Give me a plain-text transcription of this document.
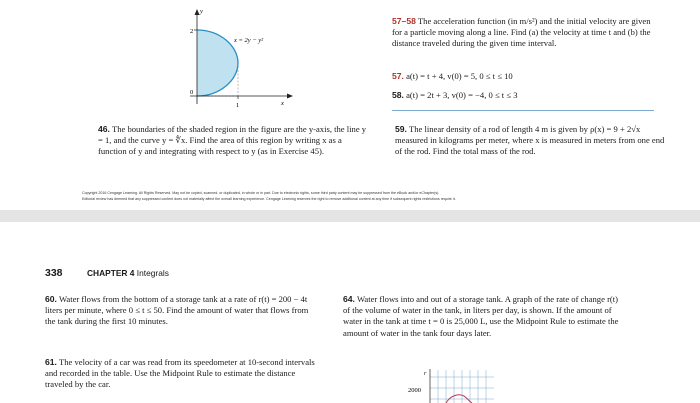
y
x
2
1
0
x = 2y − y²
57–58 The acceleration function (in m/s²) and the initial velocity are given for a particle moving along a line. Find (a) the velocity at time t and (b) the distance traveled during the given time interval.
57. a(t) = t + 4, v(0) = 5, 0 ≤ t ≤ 10
58. a(t) = 2t + 3, v(0) = −4, 0 ≤ t ≤ 3
46. The boundaries of the shaded region in the figure are the y-axis, the line y = 1, and the curve y = ∜x. Find the area of this region by writing x as a function of y and integrating with respect to y (as in Exercise 45).
59. The linear density of a rod of length 4 m is given by ρ(x) = 9 + 2√x measured in kilograms per meter, where x is measured in meters from one end of the rod. Find the total mass of the rod.
Copyright 2016 Cengage Learning. All Rights Reserved. May not be copied, scanned, or duplicated, in whole or in part. Due to electronic rights, some third party content may be suppressed from the eBook and/or eChapter(s).
Editorial review has deemed that any suppressed content does not materially affect the overall learning experience. Cengage Learning reserves the right to remove additional content at any time if subsequent rights restrictions require it.
338	CHAPTER 4 Integrals
60. Water flows from the bottom of a storage tank at a rate of r(t) = 200 − 4t liters per minute, where 0 ≤ t ≤ 50. Find the amount of water that flows from the tank during the first 10 minutes.
61. The velocity of a car was read from its speedometer at 10-second intervals and recorded in the table. Use the Midpoint Rule to estimate the distance traveled by the car.
64. Water flows into and out of a storage tank. A graph of the rate of change r(t) of the volume of water in the tank, in liters per day, is shown. If the amount of water in the tank at time t = 0 is 25,000 L, use the Midpoint Rule to estimate the amount of water in the tank four days later.
r
2000
